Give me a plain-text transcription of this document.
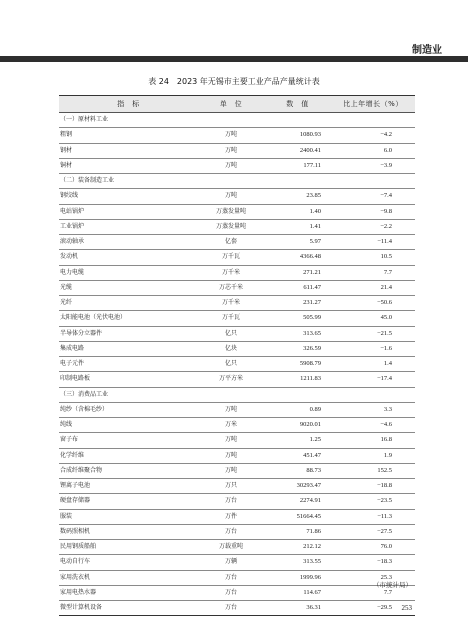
制造业
表 24　2023 年无锡市主要工业产品产量统计表
指　标	单　位	数　值	比上年增长（%）
（一）原材料工业			
粗钢	万吨	1080.93	−4.2
钢材	万吨	2400.41	6.0
铜材	万吨	177.11	−3.9
（二）装备制造工业			
钢绞线	万吨	23.85	−7.4
电站锅炉	万蒸发量吨	1.40	−9.8
工业锅炉	万蒸发量吨	1.41	−2.2
滚动轴承	亿套	5.97	−11.4
发动机	万千瓦	4366.48	10.5
电力电缆	万千米	271.21	7.7
光缆	万芯千米	611.47	21.4
光纤	万千米	231.27	−50.6
太阳能电池（光伏电池）	万千瓦	505.99	45.0
半导体分立器件	亿只	313.65	−21.5
集成电路	亿块	326.59	−1.6
电子元件	亿只	5908.79	1.4
印制电路板	万平方米	1211.83	−17.4
（三）消费品工业			
纯纱（含棉毛纱）	万吨	0.89	3.3
纯线	万米	9020.01	−4.6
窗子布	万吨	1.25	16.8
化学纤维	万吨	451.47	1.9
合成纤维聚合物	万吨	88.73	152.5
锂离子电池	万只	30293.47	−18.8
硬盘存储器	万台	2274.91	−23.5
服装	万件	51664.45	−11.3
数码照相机	万台	71.86	−27.5
民用钢质船舶	万载重吨	212.12	76.0
电动自行车	万辆	313.55	−18.3
家用洗衣机	万台	1999.96	25.3
家用电热水器	万台	114.67	7.7
微型计算机设备	万台	36.31	−29.5
（市统计局）
253
